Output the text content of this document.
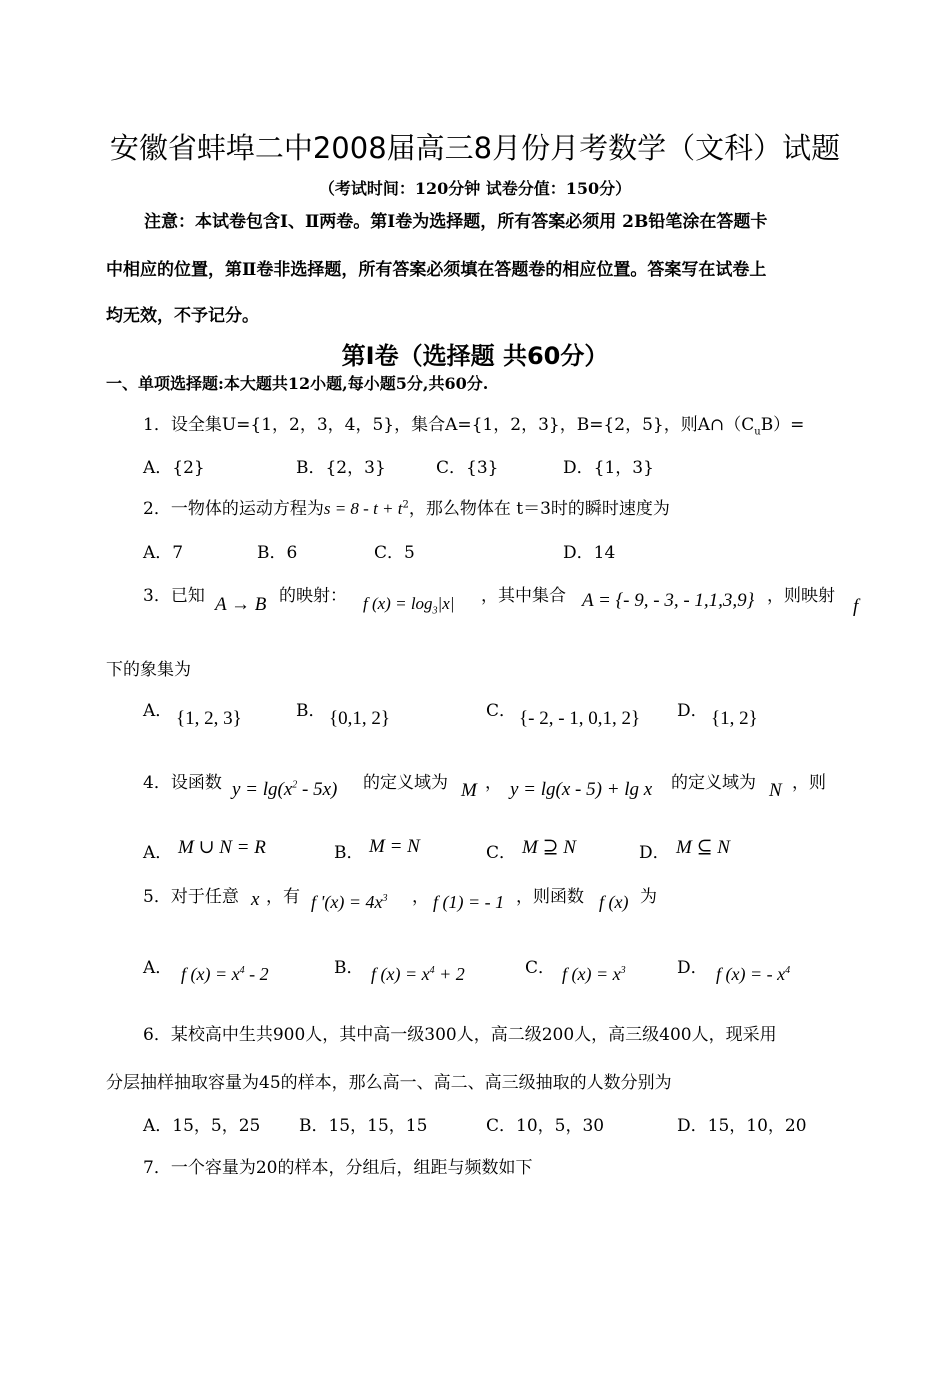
安徽省蚌埠二中2008届高三8月份月考数学（文科）试题
（考试时间：120分钟 试卷分值：150分）
注意：本试卷包含Ⅰ、Ⅱ两卷。第Ⅰ卷为选择题，所有答案必须用 2B铅笔涂在答题卡
中相应的位置，第Ⅱ卷非选择题，所有答案必须填在答题卷的相应位置。答案写在试卷上
均无效，不予记分。
第Ⅰ卷（选择题 共60分）
一、单项选择题:本大题共12小题,每小题5分,共60分.
1．设全集U={1，2，3，4，5}，集合A={1，2，3}，B={2，5}，则$A\cap(C_uB)=$
A．{2}	B．{2，3}	C．{3}	D．{1，3}
2．一物体的运动方程为$s = 8 - t + t^2$，那么物体在 t＝3时的瞬时速度为
A．7	B．6	C．5	D．14
3．已知 A → B 的映射： f $(x) = \log_3|x|$ ，其中集合 A = {- 9, - 3, - 1,1,3,9} ，则映射 f
下的象集为
A． {1, 2, 3}	B． {0,1, 2}	C． {- 2, - 1, 0,1, 2} D． {1, 2}
4．设函数 $y = \lg(x^2 - 5x)$ 的定义域为 M ， y = lg(x - 5) + lg x 的定义域为 N ，则
A． M ∪ N = R	B． M = N	C． M ⊇ N	D． M ⊆ N
5．对于任意 x ，有 f '$(x) = 4x^3$ ， f (1) = - 1 ，则函数 f (x) 为
A． f $(x) = x^4 - 2$	B． f $(x) = x^4 + 2$	C． f $(x) = x^3$	D． f (x) = - $x^4$
6．某校高中生共900人，其中高一级300人，高二级200人，高三级400人，现采用
分层抽样抽取容量为45的样本，那么高一、高二、高三级抽取的人数分别为
A．15，5，25 B．15，15，15	C．10，5，30	D．15，10，20
7．一个容量为20的样本，分组后，组距与频数如下
